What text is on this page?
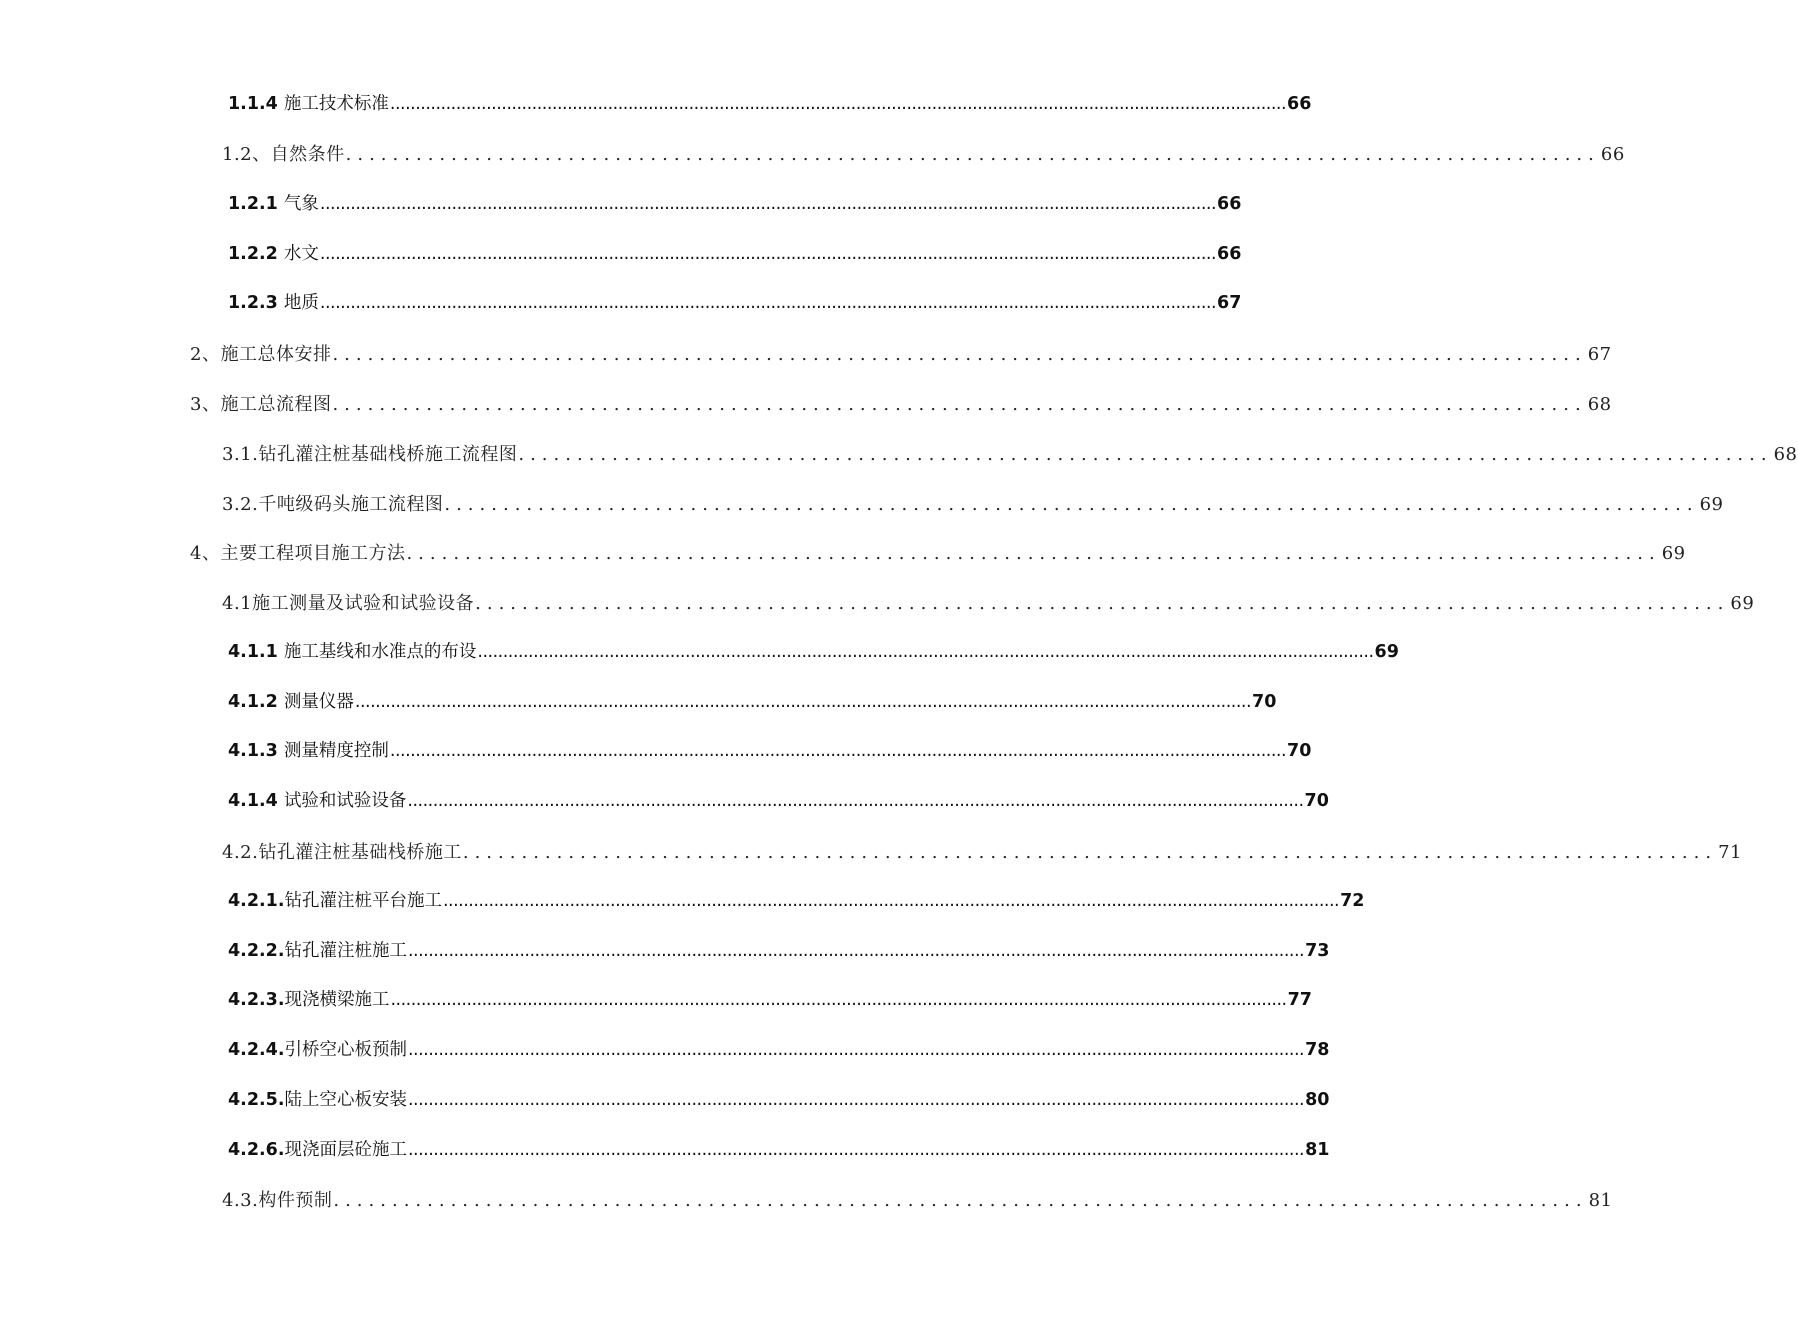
1.1.4 施工技术标准 ................................................................................................................................................................................. 66
1.2、自然条件 ........................................................................................................... 66
1.2.1 气象 ................................................................................................................................................................................. 66
1.2.2 水文 ................................................................................................................................................................................. 66
1.2.3 地质 ................................................................................................................................................................................. 67
2、施工总体安排 ........................................................................................................... 67
3、施工总流程图 ........................................................................................................... 68
3.1.钻孔灌注桩基础栈桥施工流程图 ........................................................................................................... 68
3.2.千吨级码头施工流程图 ........................................................................................................... 69
4、主要工程项目施工方法 ........................................................................................................... 69
4.1施工测量及试验和试验设备 ........................................................................................................... 69
4.1.1 施工基线和水准点的布设 ................................................................................................................................................................................. 69
4.1.2 测量仪器 ................................................................................................................................................................................. 70
4.1.3 测量精度控制 ................................................................................................................................................................................. 70
4.1.4 试验和试验设备 ................................................................................................................................................................................. 70
4.2.钻孔灌注桩基础栈桥施工 ........................................................................................................... 71
4.2.1.钻孔灌注桩平台施工 ................................................................................................................................................................................. 72
4.2.2.钻孔灌注桩施工 ................................................................................................................................................................................. 73
4.2.3.现浇横梁施工 ................................................................................................................................................................................. 77
4.2.4.引桥空心板预制 ................................................................................................................................................................................. 78
4.2.5.陆上空心板安装 ................................................................................................................................................................................. 80
4.2.6.现浇面层砼施工 ................................................................................................................................................................................. 81
4.3.构件预制 ........................................................................................................... 81
